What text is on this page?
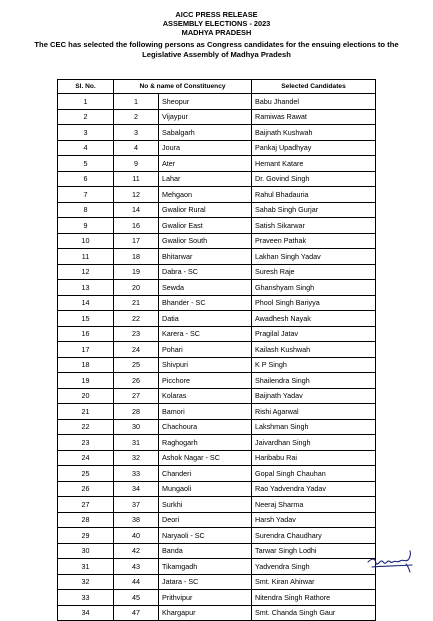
AICC PRESS RELEASE
ASSEMBLY ELECTIONS - 2023
MADHYA PRADESH
The CEC has selected the following persons as Congress candidates for the ensuing elections to the Legislative Assembly of Madhya Pradesh
Sl. No.	No & name of Constituency		Selected Candidates
1	1	Sheopur	Babu Jhandel
2	2	Vijaypur	Ramiwas Rawat
3	3	Sabalgarh	Baijnath Kushwah
4	4	Joura	Pankaj Upadhyay
5	9	Ater	Hemant Katare
6	11	Lahar	Dr. Govind Singh
7	12	Mehgaon	Rahul Bhadauria
8	14	Gwalior Rural	Sahab Singh Gurjar
9	16	Gwalior East	Satish Sikarwar
10	17	Gwalior South	Praveen Pathak
11	18	Bhitarwar	Lakhan Singh Yadav
12	19	Dabra - SC	Suresh Raje
13	20	Sewda	Ghanshyam Singh
14	21	Bhander - SC	Phool Singh Bariyya
15	22	Datia	Awadhesh Nayak
16	23	Karera - SC	Pragilal Jatav
17	24	Pohari	Kailash Kushwah
18	25	Shivpuri	K P Singh
19	26	Picchore	Shailendra Singh
20	27	Kolaras	Baijnath Yadav
21	28	Bamori	Rishi Agarwal
22	30	Chachoura	Lakshman Singh
23	31	Raghogarh	Jaivardhan Singh
24	32	Ashok Nagar - SC	Haribabu Rai
25	33	Chanderi	Gopal Singh Chauhan
26	34	Mungaoli	Rao Yadvendra Yadav
27	37	Surkhi	Neeraj Sharma
28	38	Deori	Harsh Yadav
29	40	Naryaoli - SC	Surendra Chaudhary
30	42	Banda	Tarwar Singh Lodhi
31	43	Tikamgadh	Yadvendra Singh
32	44	Jatara - SC	Smt. Kiran Ahirwar
33	45	Prithvipur	Nitendra Singh Rathore
34	47	Khargapur	Smt. Chanda Singh Gaur
